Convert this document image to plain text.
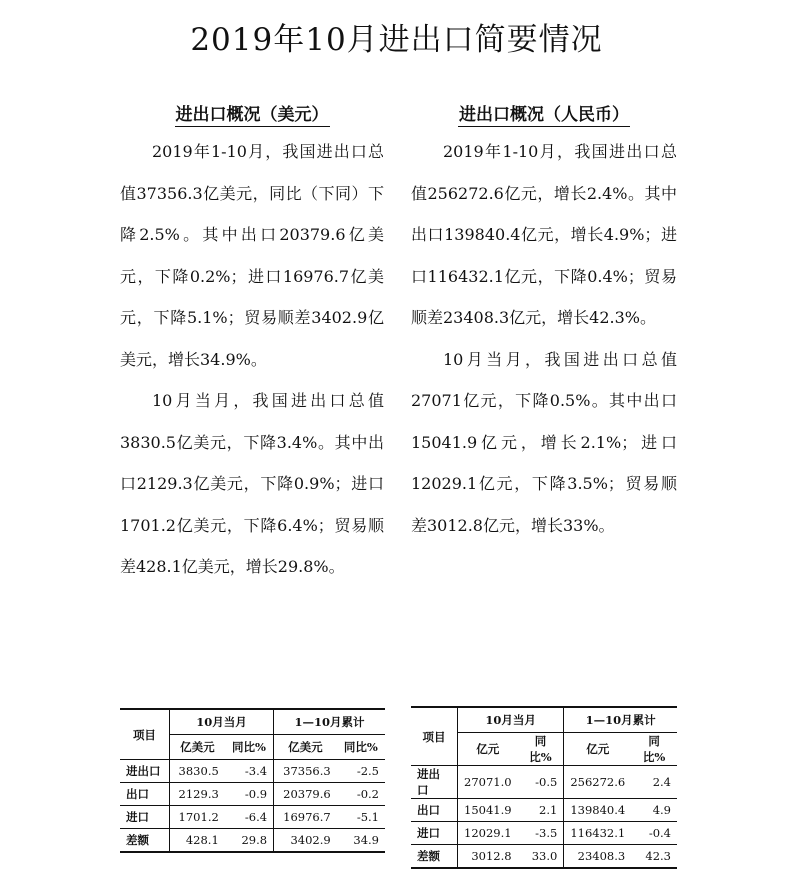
2019年10月进出口简要情况
进出口概况（美元）

2019年1-10月，我国进出口总值37356.3亿美元，同比（下同）下降2.5%。其中出口20379.6亿美元，下降0.2%；进口16976.7亿美元，下降5.1%；贸易顺差3402.9亿美元，增长34.9%。

10月当月，我国进出口总值3830.5亿美元，下降3.4%。其中出口2129.3亿美元，下降0.9%；进口1701.2亿美元，下降6.4%；贸易顺差428.1亿美元，增长29.8%。

进出口概况（人民币）

2019年1-10月，我国进出口总值256272.6亿元，增长2.4%。其中出口139840.4亿元，增长4.9%；进口116432.1亿元，下降0.4%；贸易顺差23408.3亿元，增长42.3%。

10月当月，我国进出口总值27071亿元，下降0.5%。其中出口15041.9亿元，增长2.1%；进口12029.1亿元，下降3.5%；贸易顺差3012.8亿元，增长33%。

项目	10月当月		1—10月累计	
	亿美元	同比%	亿美元	同比%
进出口	3830.5	-3.4	37356.3	-2.5
出口	2129.3	-0.9	20379.6	-0.2
进口	1701.2	-6.4	16976.7	-5.1
差额	428.1	29.8	3402.9	34.9
项目	10月当月		1—10月累计	
	亿元	同比%	亿元	同比%
进出口	27071.0	-0.5	256272.6	2.4
出口	15041.9	2.1	139840.4	4.9
进口	12029.1	-3.5	116432.1	-0.4
差额	3012.8	33.0	23408.3	42.3
